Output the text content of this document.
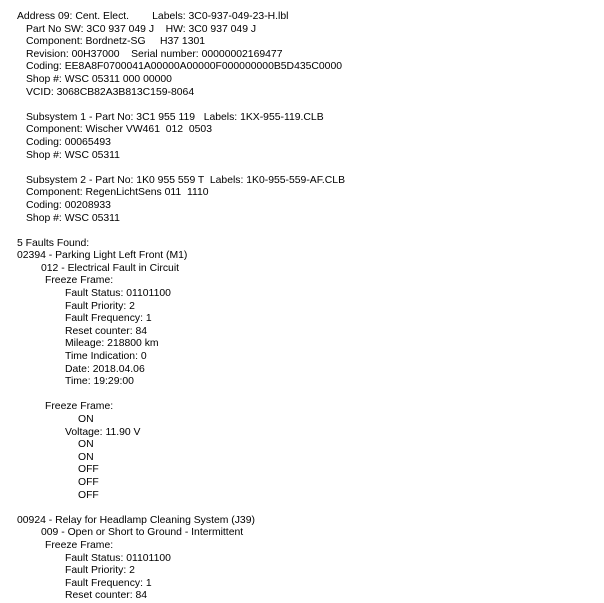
Address 09: Cent. Elect.        Labels: 3C0-937-049-23-H.lbl
Part No SW: 3C0 937 049 J    HW: 3C0 937 049 J
Component: Bordnetz-SG     H37 1301
Revision: 00H37000    Serial number: 00000002169477
Coding: EE8A8F0700041A00000A00000F000000000B5D435C0000
Shop #: WSC 05311 000 00000
VCID: 3068CB82A3B813C159-8064
Subsystem 1 - Part No: 3C1 955 119   Labels: 1KX-955-119.CLB
Component: Wischer VW461  012  0503
Coding: 00065493
Shop #: WSC 05311
Subsystem 2 - Part No: 1K0 955 559 T  Labels: 1K0-955-559-AF.CLB
Component: RegenLichtSens 011  1110
Coding: 00208933
Shop #: WSC 05311
5 Faults Found:
02394 - Parking Light Left Front (M1)
012 - Electrical Fault in Circuit
Freeze Frame:
Fault Status: 01101100
Fault Priority: 2
Fault Frequency: 1
Reset counter: 84
Mileage: 218800 km
Time Indication: 0
Date: 2018.04.06
Time: 19:29:00
Freeze Frame:
ON
Voltage: 11.90 V
ON
ON
OFF
OFF
OFF
00924 - Relay for Headlamp Cleaning System (J39)
009 - Open or Short to Ground - Intermittent
Freeze Frame:
Fault Status: 01101100
Fault Priority: 2
Fault Frequency: 1
Reset counter: 84
